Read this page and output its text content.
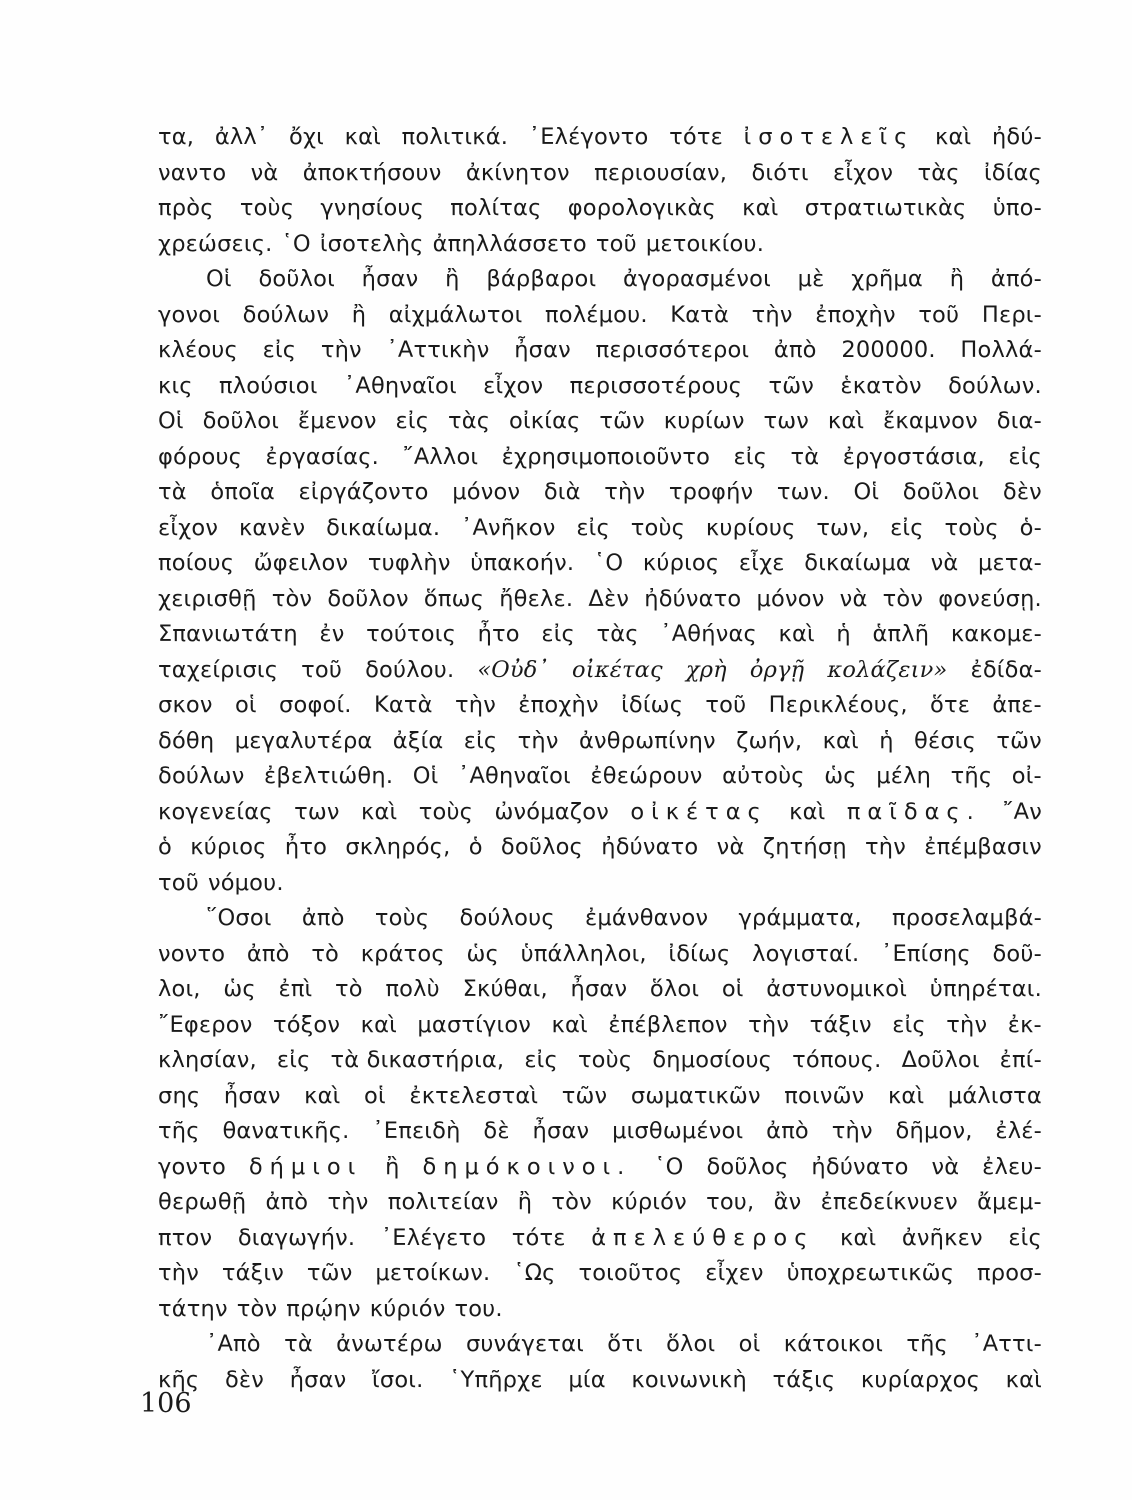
τα, ἀλλ᾽ ὄχι καὶ πολιτικά. ᾽Ελέγοντο τότε ἰσοτελεῖς καὶ ἠδύ-
ναντο νὰ ἀποκτήσουν ἀκίνητον περιουσίαν, διότι εἶχον τὰς ἰδίας
πρὸς τοὺς γνησίους πολίτας φορολογικὰς καὶ στρατιωτικὰς ὑπο-
χρεώσεις. ῾Ο ἰσοτελὴς ἀπηλλάσσετο τοῦ μετοικίου.
Οἱ δοῦλοι ἦσαν ἢ βάρβαροι ἀγορασμένοι μὲ χρῆμα ἢ ἀπό-
γονοι δούλων ἢ αἰχμάλωτοι πολέμου. Κατὰ τὴν ἐποχὴν τοῦ Περι-
κλέους εἰς τὴν ᾽Αττικὴν ἦσαν περισσότεροι ἀπὸ 200000. Πολλά-
κις πλούσιοι ᾽Αθηναῖοι εἶχον περισσοτέρους τῶν ἑκατὸν δούλων.
Οἱ δοῦλοι ἔμενον εἰς τὰς οἰκίας τῶν κυρίων των καὶ ἔκαμνον δια-
φόρους ἐργασίας. ῎Αλλοι ἐχρησιμοποιοῦντο εἰς τὰ ἐργοστάσια, εἰς
τὰ ὁποῖα εἰργάζοντο μόνον διὰ τὴν τροφήν των. Οἱ δοῦλοι δὲν
εἶχον κανὲν δικαίωμα. ᾽Ανῆκον εἰς τοὺς κυρίους των, εἰς τοὺς ὁ-
ποίους ὤφειλον τυφλὴν ὑπακοήν. ῾Ο κύριος εἶχε δικαίωμα νὰ μετα-
χειρισθῇ τὸν δοῦλον ὅπως ἤθελε. Δὲν ἠδύνατο μόνον νὰ τὸν φονεύσῃ.
Σπανιωτάτη ἐν τούτοις ἦτο εἰς τὰς ᾽Αθήνας καὶ ἡ ἁπλῆ κακομε-
ταχείρισις τοῦ δούλου. «Οὐδ᾽ οἰκέτας χρὴ ὀργῇ κολάζειν» ἐδίδα-
σκον οἱ σοφοί. Κατὰ τὴν ἐποχὴν ἰδίως τοῦ Περικλέους, ὅτε ἀπε-
δόθη μεγαλυτέρα ἀξία εἰς τὴν ἀνθρωπίνην ζωήν, καὶ ἡ θέσις τῶν
δούλων ἐβελτιώθη. Οἱ ᾽Αθηναῖοι ἐθεώρουν αὐτοὺς ὡς μέλη τῆς οἰ-
κογενείας των καὶ τοὺς ὠνόμαζον οἰκέτας καὶ παῖδας. ῎Αν
ὁ κύριος ἦτο σκληρός, ὁ δοῦλος ἠδύνατο νὰ ζητήσῃ τὴν ἐπέμβασιν
τοῦ νόμου.
῞Οσοι ἀπὸ τοὺς δούλους ἐμάνθανον γράμματα, προσελαμβά-
νοντο ἀπὸ τὸ κράτος ὡς ὑπάλληλοι, ἰδίως λογισταί. ᾽Επίσης δοῦ-
λοι, ὡς ἐπὶ τὸ πολὺ Σκύθαι, ἦσαν ὅλοι οἱ ἀστυνομικοὶ ὑπηρέται.
῎Εφερον τόξον καὶ μαστίγιον καὶ ἐπέβλεπον τὴν τάξιν εἰς τὴν ἐκ-
κλησίαν, εἰς τὰ δικαστήρια, εἰς τοὺς δημοσίους τόπους. Δοῦλοι ἐπί-
σης ἦσαν καὶ οἱ ἐκτελεσταὶ τῶν σωματικῶν ποινῶν καὶ μάλιστα
τῆς θανατικῆς. ᾽Επειδὴ δὲ ἦσαν μισθωμένοι ἀπὸ τὴν δῆμον, ἐλέ-
γοντο δήμιοι ἢ δημόκοινοι. ῾Ο δοῦλος ἠδύνατο νὰ ἐλευ-
θερωθῇ ἀπὸ τὴν πολιτείαν ἢ τὸν κύριόν του, ἂν ἐπεδείκνυεν ἄμεμ-
πτον διαγωγήν. ᾽Ελέγετο τότε ἀπελεύθερος καὶ ἀνῆκεν εἰς
τὴν τάξιν τῶν μετοίκων. ῾Ως τοιοῦτος εἶχεν ὑποχρεωτικῶς προσ-
τάτην τὸν πρῴην κύριόν του.
᾽Απὸ τὰ ἀνωτέρω συνάγεται ὅτι ὅλοι οἱ κάτοικοι τῆς ᾽Αττι-
κῆς δὲν ἦσαν ἴσοι. ῾Υπῆρχε μία κοινωνικὴ τάξις κυρίαρχος καὶ
106
